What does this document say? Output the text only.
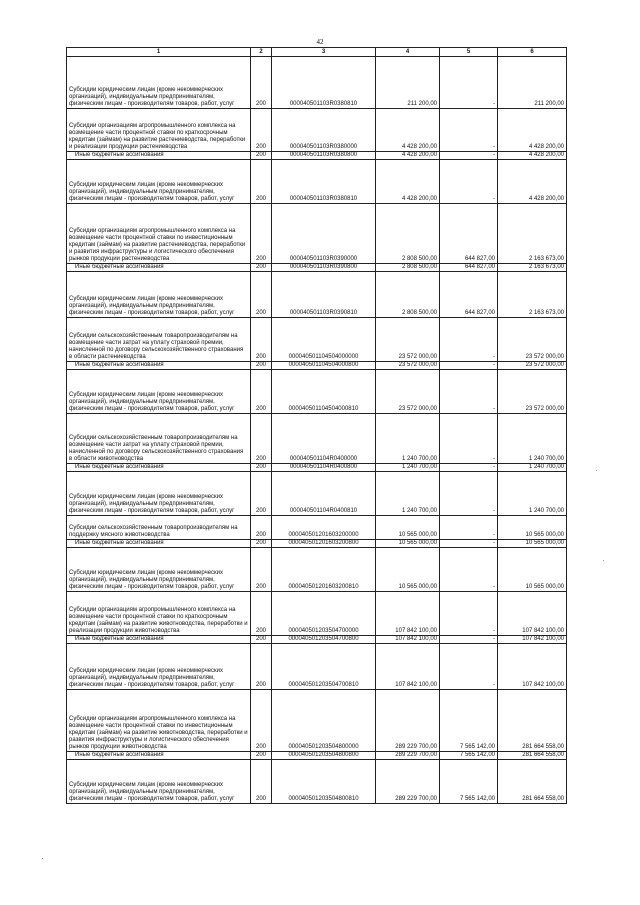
42
1	2	3	4	5	6
Субсидии юридическим лицам (кроме некоммерческих организаций), индивидуальным предпринимателям, физическим лицам - производителям товаров, работ, услуг	200	000040501103R0380810	211 200,00	-	211 200,00
Субсидии организациям агропромышленного комплекса на возмещение части процентной ставки по краткосрочным кредитам (займам) на развитие растениеводства, переработки и реализации продукции растениеводства	200	000040501103R0380000	4 428 200,00	-	4 428 200,00
Иные бюджетные ассигнования	200	000040501103R0380800	4 428 200,00	-	4 428 200,00
Субсидии юридическим лицам (кроме некоммерческих организаций), индивидуальным предпринимателям, физическим лицам - производителям товаров, работ, услуг	200	000040501103R0380810	4 428 200,00	-	4 428 200,00
Субсидии организациям агропромышленного комплекса на возмещение части процентной ставки по инвестиционным кредитам (займам) на развитие растениеводства, переработки и развития инфраструктуры и логистического обеспечения рынков продукции растениеводства	200	000040501103R0390000	2 808 500,00	644 827,00	2 163 673,00
Иные бюджетные ассигнования	200	000040501103R0390800	2 808 500,00	644 827,00	2 163 673,00
Субсидии юридическим лицам (кроме некоммерческих организаций), индивидуальным предпринимателям, физическим лицам - производителям товаров, работ, услуг	200	000040501103R0390810	2 808 500,00	644 827,00	2 163 673,00
Субсидии сельскохозяйственным товаропроизводителям на возмещение части затрат на уплату страховой премии, начисленной по договору сельскохозяйственного страхования в области растениеводства	200	000040501104504000000	23 572 000,00	-	23 572 000,00
Иные бюджетные ассигнования	200	000040501104504000800	23 572 000,00	-	23 572 000,00
Субсидии юридическим лицам (кроме некоммерческих организаций), индивидуальным предпринимателям, физическим лицам - производителям товаров, работ, услуг	200	000040501104504000810	23 572 000,00	-	23 572 000,00
Субсидии сельскохозяйственным товаропроизводителям на возмещение части затрат на уплату страховой премии, начисленной по договору сельскохозяйственного страхования в области животноводства	200	000040501104R0400000	1 240 700,00	-	1 240 700,00
Иные бюджетные ассигнования	200	000040501104R0400800	1 240 700,00	-	1 240 700,00
Субсидии юридическим лицам (кроме некоммерческих организаций), индивидуальным предпринимателям, физическим лицам - производителям товаров, работ, услуг	200	000040501104R0400810	1 240 700,00	-	1 240 700,00
Субсидии сельскохозяйственным товаропроизводителям на поддержку мясного животноводства	200	000040501201603200000	10 565 000,00	-	10 565 000,00
Иные бюджетные ассигнования	200	000040501201603200800	10 565 000,00	-	10 565 000,00
Субсидии юридическим лицам (кроме некоммерческих организаций), индивидуальным предпринимателям, физическим лицам - производителям товаров, работ, услуг	200	000040501201603200810	10 565 000,00	-	10 565 000,00
Субсидии организациям агропромышленного комплекса на возмещение части процентной ставки по краткосрочным кредитам (займам) на развитие животноводства, переработки и реализации продукции животноводства	200	000040501203504700000	107 842 100,00	-	107 842 100,00
Иные бюджетные ассигнования	200	000040501203504700800	107 842 100,00	-	107 842 100,00
Субсидии юридическим лицам (кроме некоммерческих организаций), индивидуальным предпринимателям, физическим лицам - производителям товаров, работ, услуг	200	000040501203504700810	107 842 100,00	-	107 842 100,00
Субсидии организациям агропромышленного комплекса на возмещение части процентной ставки по инвестиционным кредитам (займам) на развитие животноводства, переработки и развития инфраструктуры и логистического обеспечения рынков продукции животноводства	200	000040501203504800000	289 229 700,00	7 565 142,00	281 664 558,00
Иные бюджетные ассигнования	200	000040501203504800800	289 229 700,00	7 565 142,00	281 664 558,00
Субсидии юридическим лицам (кроме некоммерческих организаций), индивидуальным предпринимателям, физическим лицам - производителям товаров, работ, услуг	200	000040501203504800810	289 229 700,00	7 565 142,00	281 664 558,00
